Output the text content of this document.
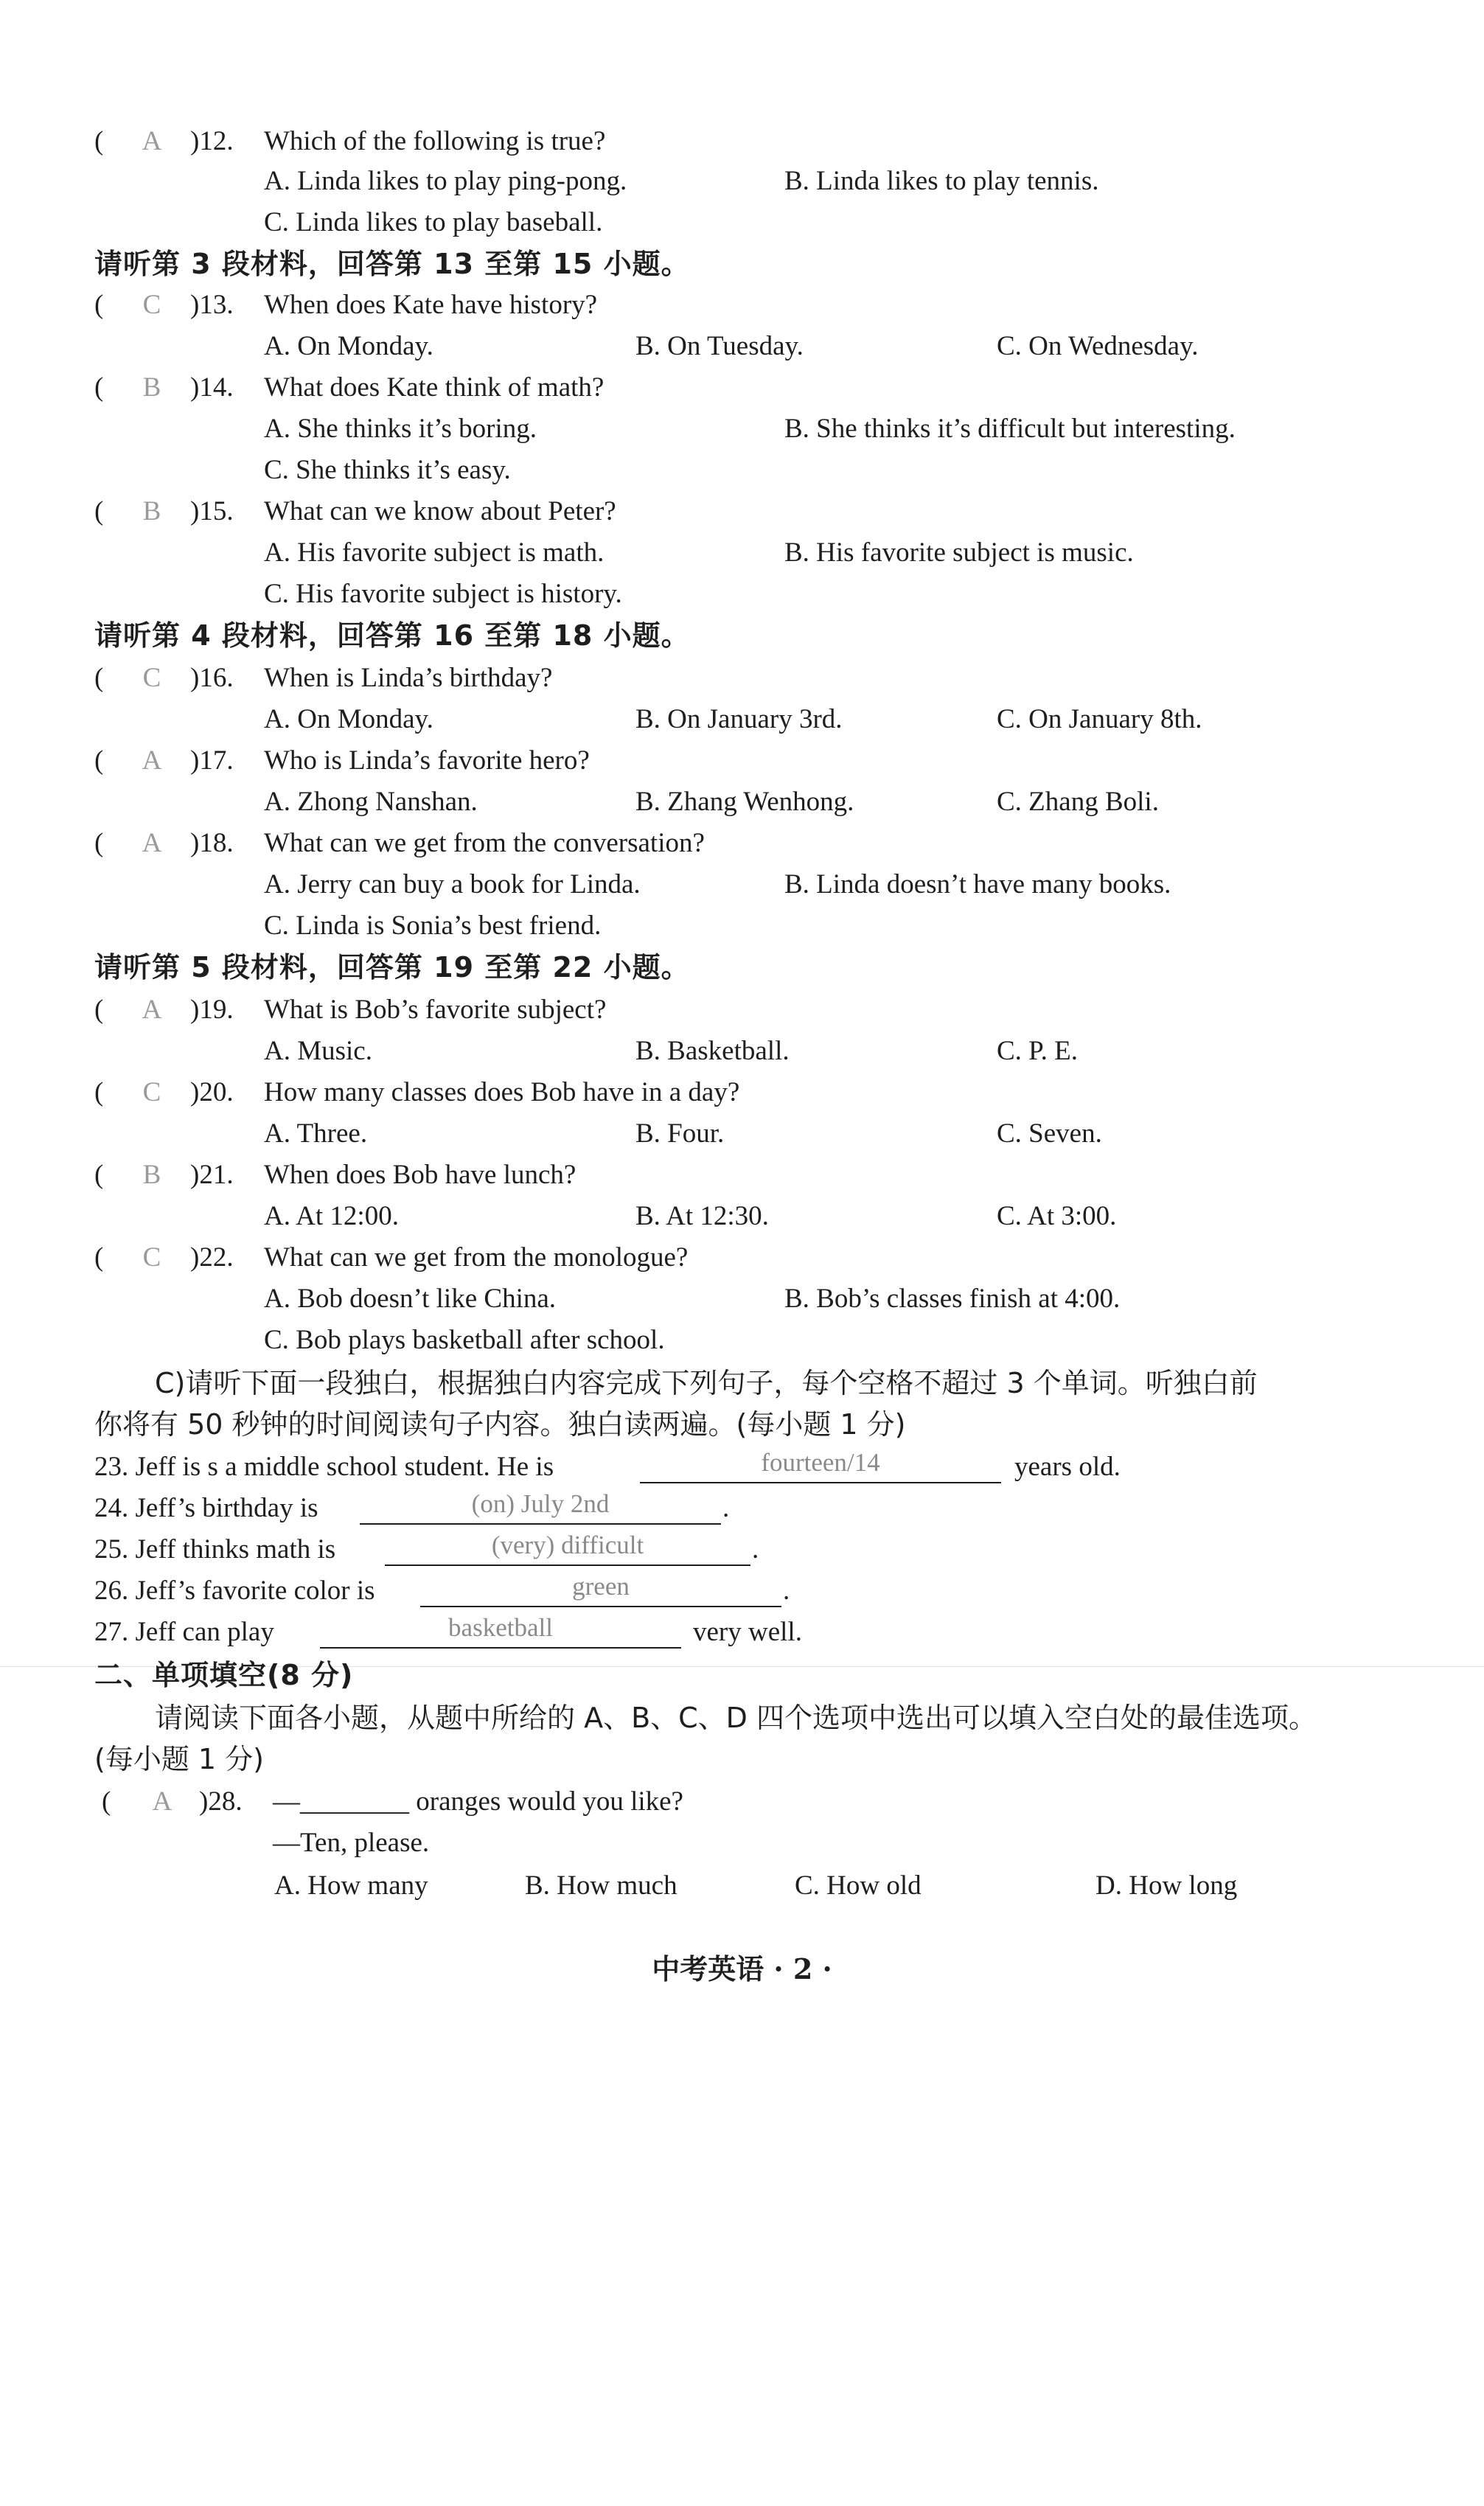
(	A	)12. Which of the following is true?
A. Linda likes to play ping-pong.	B. Linda likes to play tennis.
C. Linda likes to play baseball.
请听第 3 段材料，回答第 13 至第 15 小题。
(	C	)13. When does Kate have history?
A. On Monday.	B. On Tuesday.	C. On Wednesday.
(	B	)14. What does Kate think of math?
A. She thinks it’s boring.	B. She thinks it’s difficult but interesting.
C. She thinks it’s easy.
(	B	)15. What can we know about Peter?
A. His favorite subject is math.	B. His favorite subject is music.
C. His favorite subject is history.
请听第 4 段材料，回答第 16 至第 18 小题。
(	C	)16. When is Linda’s birthday?
A. On Monday.	B. On January 3rd.	C. On January 8th.
(	A	)17. Who is Linda’s favorite hero?
A. Zhong Nanshan.	B. Zhang Wenhong.	C. Zhang Boli.
(	A	)18. What can we get from the conversation?
A. Jerry can buy a book for Linda.	B. Linda doesn’t have many books.
C. Linda is Sonia’s best friend.
请听第 5 段材料，回答第 19 至第 22 小题。
(	A	)19. What is Bob’s favorite subject?
A. Music.	B. Basketball.	C. P. E.
(	C	)20. How many classes does Bob have in a day?
A. Three.	B. Four.	C. Seven.
(	B	)21. When does Bob have lunch?
A. At 12:00.	B. At 12:30.	C. At 3:00.
(	C	)22. What can we get from the monologue?
A. Bob doesn’t like China.	B. Bob’s classes finish at 4:00.
C. Bob plays basketball after school.
C)请听下面一段独白，根据独白内容完成下列句子，每个空格不超过 3 个单词。听独白前
你将有 50 秒钟的时间阅读句子内容。独白读两遍。(每小题 1 分)
23. Jeff is s a middle school student. He is	fourteen/14	years old.
24. Jeff’s birthday is	(on) July 2nd	.
25. Jeff thinks math is	(very) difficult	.
26. Jeff’s favorite color is	green	.
27. Jeff can play	basketball	very well.
二、单项填空(8 分)
请阅读下面各小题，从题中所给的 A、B、C、D 四个选项中选出可以填入空白处的最佳选项。
(每小题 1 分)
(	A )28. —________ oranges would you like?
—Ten, please.
A. How many	B. How much	C. How old	D. How long
中考英语 · 2 ·
